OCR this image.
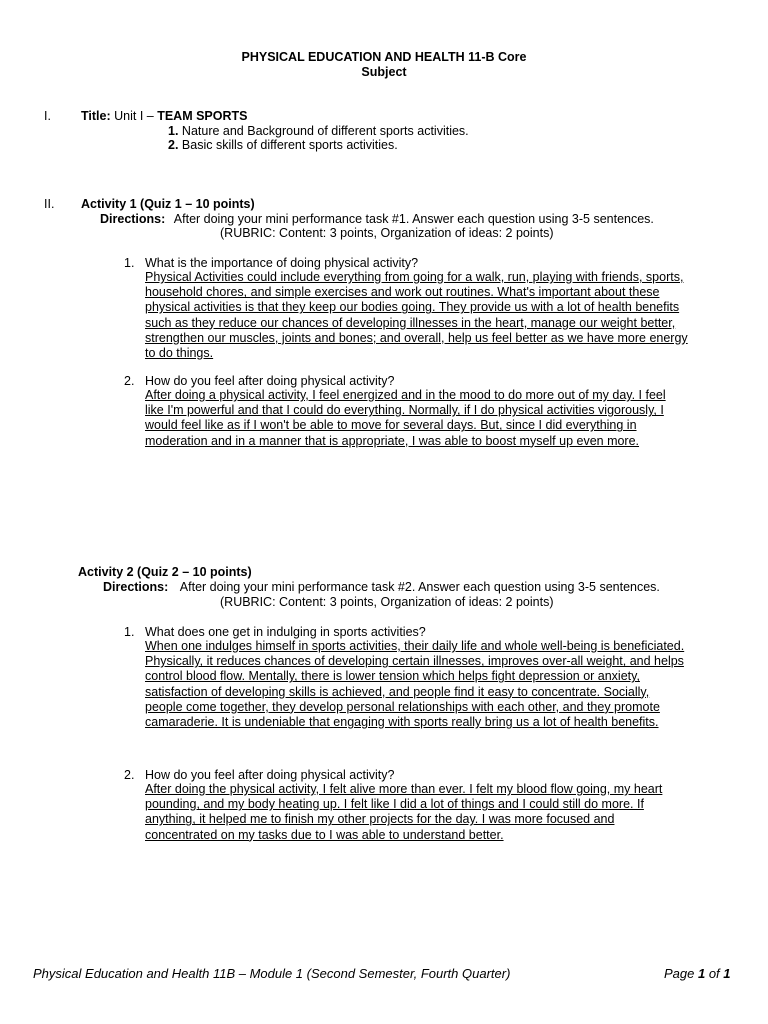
PHYSICAL EDUCATION AND HEALTH 11-B Core
Subject
I. Title: Unit I – TEAM SPORTS
1. Nature and Background of different sports activities.
2. Basic skills of different sports activities.
II. Activity 1 (Quiz 1 – 10 points)
Directions: After doing your mini performance task #1. Answer each question using 3-5 sentences.
(RUBRIC: Content: 3 points, Organization of ideas: 2 points)
1. What is the importance of doing physical activity?
Physical Activities could include everything from going for a walk, run, playing with friends, sports,
household chores, and simple exercises and work out routines. What's important about these
physical activities is that they keep our bodies going. They provide us with a lot of health benefits
such as they reduce our chances of developing illnesses in the heart, manage our weight better,
strengthen our muscles, joints and bones; and overall, help us feel better as we have more energy
to do things.
2. How do you feel after doing physical activity?
After doing a physical activity, I feel energized and in the mood to do more out of my day. I feel
like I'm powerful and that I could do everything. Normally, if I do physical activities vigorously, I
would feel like as if I won't be able to move for several days. But, since I did everything in
moderation and in a manner that is appropriate, I was able to boost myself up even more.
Activity 2 (Quiz 2 – 10 points)
Directions: After doing your mini performance task #2. Answer each question using 3-5 sentences.
(RUBRIC: Content: 3 points, Organization of ideas: 2 points)
1. What does one get in indulging in sports activities?
When one indulges himself in sports activities, their daily life and whole well-being is beneficiated.
Physically, it reduces chances of developing certain illnesses, improves over-all weight, and helps
control blood flow. Mentally, there is lower tension which helps fight depression or anxiety,
satisfaction of developing skills is achieved, and people find it easy to concentrate. Socially,
people come together, they develop personal relationships with each other, and they promote
camaraderie. It is undeniable that engaging with sports really bring us a lot of health benefits.
2. How do you feel after doing physical activity?
After doing the physical activity, I felt alive more than ever. I felt my blood flow going, my heart
pounding, and my body heating up. I felt like I did a lot of things and I could still do more. If
anything, it helped me to finish my other projects for the day. I was more focused and
concentrated on my tasks due to I was able to understand better.
Physical Education and Health 11B – Module 1 (Second Semester, Fourth Quarter)	Page 1 of 1
